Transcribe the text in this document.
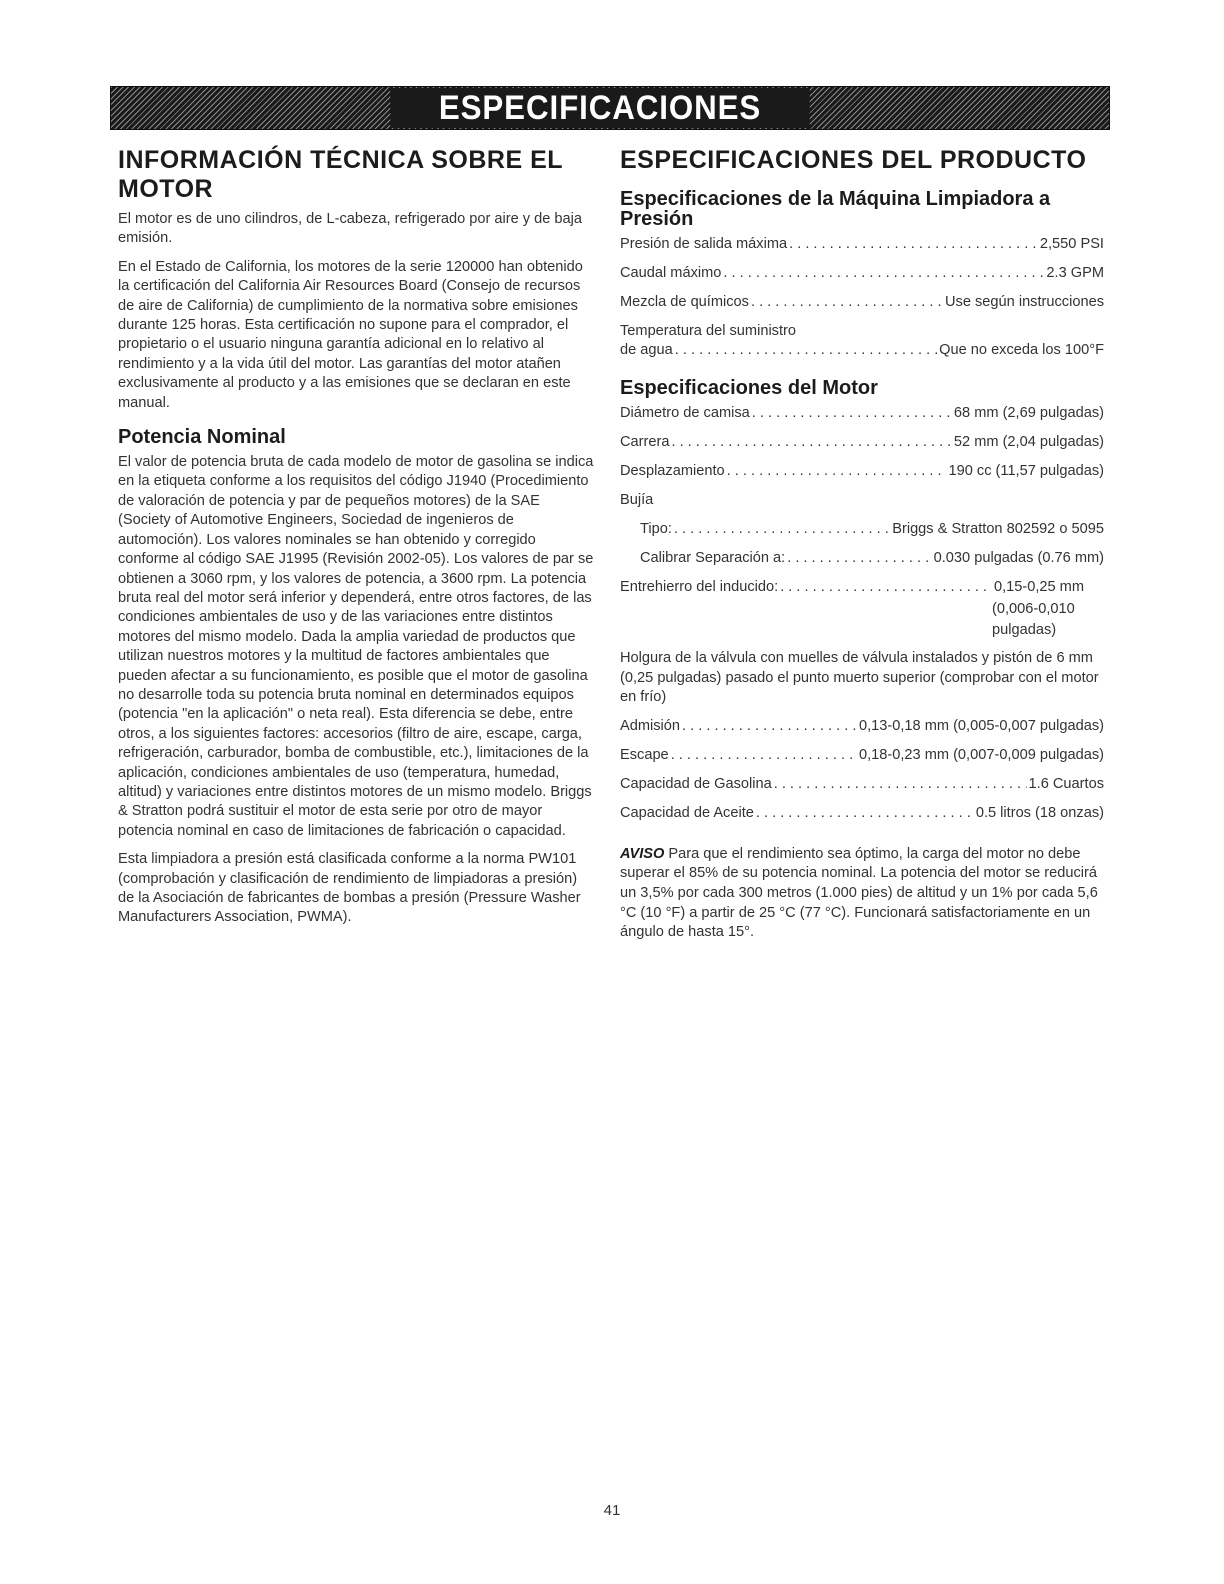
ESPECIFICACIONES
INFORMACIÓN TÉCNICA SOBRE EL MOTOR

El motor es de uno cilindros, de L-cabeza, refrigerado por aire y de baja emisión.

En el Estado de California, los motores de la serie 120000 han obtenido la certificación del California Air Resources Board (Consejo de recursos de aire de California) de cumplimiento de la normativa sobre emisiones durante 125 horas. Esta certificación no supone para el comprador, el propietario o el usuario ninguna garantía adicional en lo relativo al rendimiento y a la vida útil del motor. Las garantías del motor atañen exclusivamente al producto y a las emisiones que se declaran en este manual.

Potencia Nominal

El valor de potencia bruta de cada modelo de motor de gasolina se indica en la etiqueta conforme a los requisitos del código J1940 (Procedimiento de valoración de potencia y par de pequeños motores) de la SAE (Society of Automotive Engineers, Sociedad de ingenieros de automoción). Los valores nominales se han obtenido y corregido conforme al código SAE J1995 (Revisión 2002-05). Los valores de par se obtienen a 3060 rpm, y los valores de potencia, a 3600 rpm. La potencia bruta real del motor será inferior y dependerá, entre otros factores, de las condiciones ambientales de uso y de las variaciones entre distintos motores del mismo modelo. Dada la amplia variedad de productos que utilizan nuestros motores y la multitud de factores ambientales que pueden afectar a su funcionamiento, es posible que el motor de gasolina no desarrolle toda su potencia bruta nominal en determinados equipos (potencia "en la aplicación" o neta real). Esta diferencia se debe, entre otros, a los siguientes factores: accesorios (filtro de aire, escape, carga, refrigeración, carburador, bomba de combustible, etc.), limitaciones de la aplicación, condiciones ambientales de uso (temperatura, humedad, altitud) y variaciones entre distintos motores de un mismo modelo. Briggs & Stratton podrá sustituir el motor de esta serie por otro de mayor potencia nominal en caso de limitaciones de fabricación o capacidad.

Esta limpiadora a presión está clasificada conforme a la norma PW101 (comprobación y clasificación de rendimiento de limpiadoras a presión) de la Asociación de fabricantes de bombas a presión (Pressure Washer Manufacturers Association, PWMA).

ESPECIFICACIONES DEL PRODUCTO
Especificaciones de la Máquina Limpiadora a Presión
Presión de salida máxima . . .	2,550 PSI
Caudal máximo . . .	2.3 GPM
Mezcla de químicos . . .	Use según instrucciones
Temperatura del suministro
de agua . . .	Que no exceda los 100°F
Especificaciones del Motor
Diámetro de camisa . . .	68 mm (2,69 pulgadas)
Carrera . . .	52 mm (2,04 pulgadas)
Desplazamiento . . .	190 cc (11,57 pulgadas)
Bujía
Tipo: . . .	Briggs & Stratton 802592 o 5095
Calibrar Separación a: . . .	0.030 pulgadas (0.76 mm)
Entrehierro del inducido: . . .	0,15-0,25 mm
(0,006-0,010
pulgadas)

Holgura de la válvula con muelles de válvula instalados y pistón de 6 mm (0,25 pulgadas) pasado el punto muerto superior (comprobar con el motor en frío)

Admisión . . .	0,13-0,18 mm (0,005-0,007 pulgadas)
Escape . . .	0,18-0,23 mm (0,007-0,009 pulgadas)
Capacidad de Gasolina . . .	1.6 Cuartos
Capacidad de Aceite . . .	0.5 litros (18 onzas)

AVISO Para que el rendimiento sea óptimo, la carga del motor no debe superar el 85% de su potencia nominal. La potencia del motor se reducirá un 3,5% por cada 300 metros (1.000 pies) de altitud y un 1% por cada 5,6 °C (10 °F) a partir de 25 °C (77 °C). Funcionará satisfactoriamente en un ángulo de hasta 15°.

41
